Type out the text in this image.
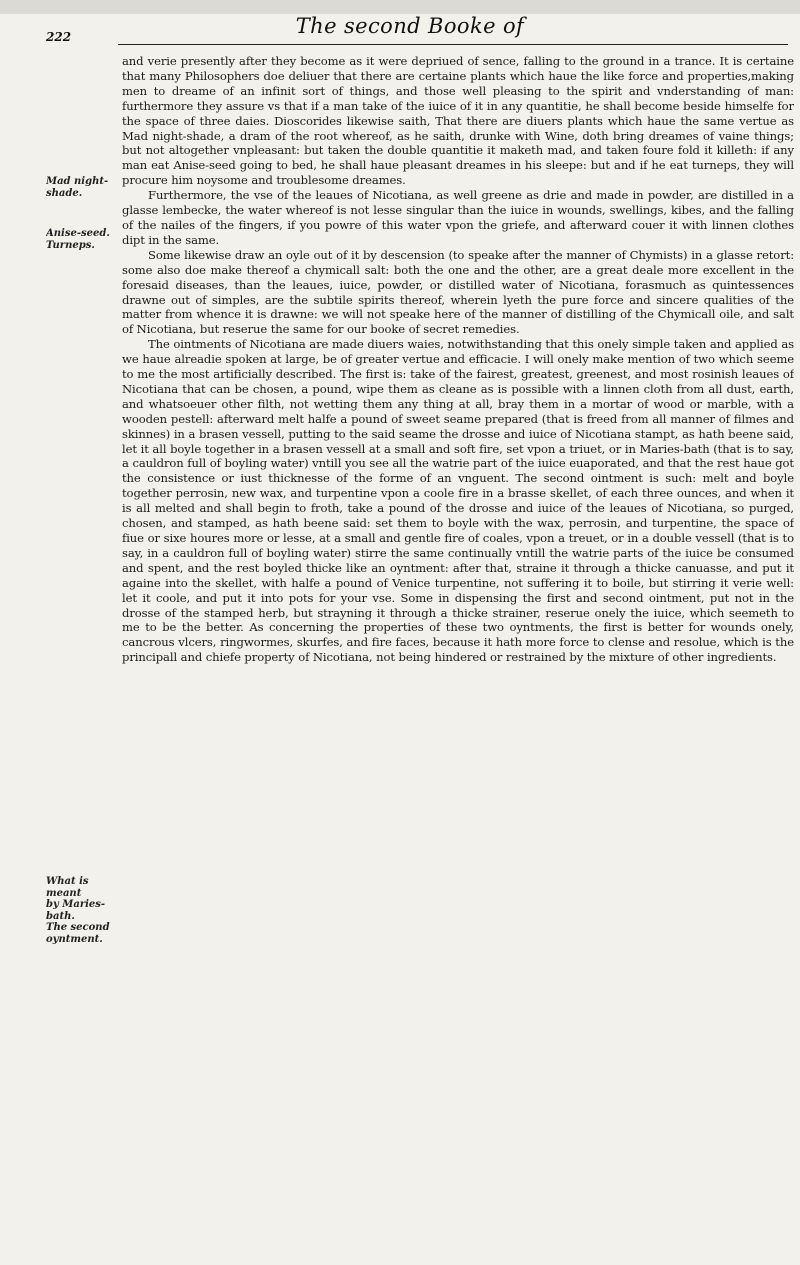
222	The second Booke of
Mad night-
shade.
Anise-seed.
Turneps.
What is meant
by Maries-
bath.
The second
oyntment.

and verie presently after they become as it were depriued of sence, falling to the ground in a trance. It is certaine that many Philosophers doe deliuer that there are certaine plants which haue the like force and properties,making men to dreame of an infinit sort of things, and those well pleasing to the spirit and vnderstanding of man: furthermore they assure vs that if a man take of the iuice of it in any quantitie, he shall become beside himselfe for the space of three daies. Dioscorides likewise saith, That there are diuers plants which haue the same vertue as Mad night-shade, a dram of the root whereof, as he saith, drunke with Wine, doth bring dreames of vaine things; but not altogether vnpleasant: but taken the double quantitie it maketh mad, and taken foure fold it killeth: if any man eat Anise-seed going to bed, he shall haue pleasant dreames in his sleepe: but and if he eat turneps, they will procure him noysome and troublesome dreames.

Furthermore, the vse of the leaues of Nicotiana, as well greene as drie and made in powder, are distilled in a glasse lembecke, the water whereof is not lesse singular than the iuice in wounds, swellings, kibes, and the falling of the nailes of the fingers, if you powre of this water vpon the griefe, and afterward couer it with linnen clothes dipt in the same.

Some likewise draw an oyle out of it by descension (to speake after the manner of Chymists) in a glasse retort: some also doe make thereof a chymicall salt: both the one and the other, are a great deale more excellent in the foresaid diseases, than the leaues, iuice, powder, or distilled water of Nicotiana, forasmuch as quintessences drawne out of simples, are the subtile spirits thereof, wherein lyeth the pure force and sincere qualities of the matter from whence it is drawne: we will not speake here of the manner of distilling of the Chymicall oile, and salt of Nicotiana, but reserue the same for our booke of secret remedies.

The ointments of Nicotiana are made diuers waies, notwithstanding that this onely simple taken and applied as we haue alreadie spoken at large, be of greater vertue and efficacie. I will onely make mention of two which seeme to me the most artificially described. The first is: take of the fairest, greatest, greenest, and most rosinish leaues of Nicotiana that can be chosen, a pound, wipe them as cleane as is possible with a linnen cloth from all dust, earth, and whatsoeuer other filth, not wetting them any thing at all, bray them in a mortar of wood or marble, with a wooden pestell: afterward melt halfe a pound of sweet seame prepared (that is freed from all manner of filmes and skinnes) in a brasen vessell, putting to the said seame the drosse and iuice of Nicotiana stampt, as hath beene said, let it all boyle together in a brasen vessell at a small and soft fire, set vpon a triuet, or in Maries-bath (that is to say, a cauldron full of boyling water) vntill you see all the watrie part of the iuice euaporated, and that the rest haue got the consistence or iust thicknesse of the forme of an vnguent. The second ointment is such: melt and boyle together perrosin, new wax, and turpentine vpon a coole fire in a brasse skellet, of each three ounces, and when it is all melted and shall begin to froth, take a pound of the drosse and iuice of the leaues of Nicotiana, so purged, chosen, and stamped, as hath beene said: set them to boyle with the wax, perrosin, and turpentine, the space of fiue or sixe houres more or lesse, at a small and gentle fire of coales, vpon a treuet, or in a double vessell (that is to say, in a cauldron full of boyling water) stirre the same continually vntill the watrie parts of the iuice be consumed and spent, and the rest boyled thicke like an oyntment: after that, straine it through a thicke canuasse, and put it againe into the skellet, with halfe a pound of Venice turpentine, not suffering it to boile, but stirring it verie well: let it coole, and put it into pots for your vse. Some in dispensing the first and second ointment, put not in the drosse of the stamped herb, but strayning it through a thicke strainer, reserue onely the iuice, which seemeth to me to be the better. As concerning the properties of these two oyntments, the first is better for wounds onely, cancrous vlcers, ringwormes, skurfes, and fire faces, because it hath more force to clense and resolue, which is the principall and chiefe property of Nicotiana, not being hindered or restrained by the mixture of other ingredients.
